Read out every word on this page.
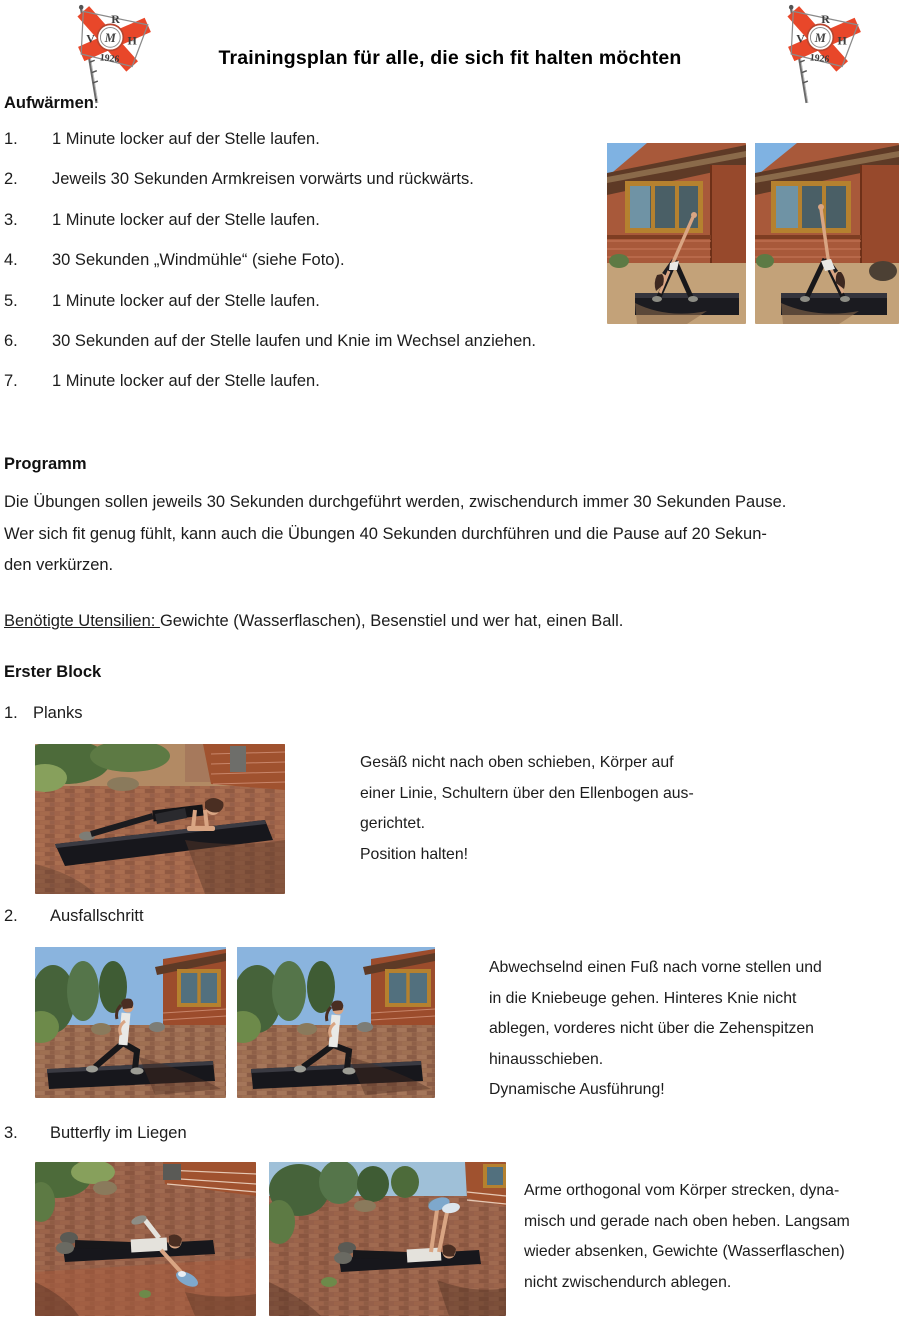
M
R
V	H
1926
M
R
V	H
1926
Trainingsplan für alle, die sich fit halten möchten
Aufwärmen:
1.	1 Minute locker auf der Stelle laufen.
2.	Jeweils 30 Sekunden Armkreisen vorwärts und rückwärts.
3.	1 Minute locker auf der Stelle laufen.
4.	30 Sekunden „Windmühle“ (siehe Foto).
5.	1 Minute locker auf der Stelle laufen.
6.	30 Sekunden auf der Stelle laufen und Knie im Wechsel anziehen.
7.	1 Minute locker auf der Stelle laufen.
Programm
Die Übungen sollen jeweils 30 Sekunden durchgeführt werden, zwischendurch immer 30 Sekunden Pause.
Wer sich fit genug fühlt, kann auch die Übungen 40 Sekunden durchführen und die Pause auf 20 Sekun-
den verkürzen.
Benötigte Utensilien: Gewichte (Wasserflaschen), Besenstiel und wer hat, einen Ball.
Erster Block
1. Planks
Gesäß nicht nach oben schieben, Körper auf
einer Linie, Schultern über den Ellenbogen aus-
gerichtet.
Position halten!
2.	Ausfallschritt
Abwechselnd einen Fuß nach vorne stellen und
in die Kniebeuge gehen. Hinteres Knie nicht
ablegen, vorderes nicht über die Zehenspitzen
hinausschieben.
Dynamische Ausführung!
3.	Butterfly im Liegen
Arme orthogonal vom Körper strecken, dyna-
misch und gerade nach oben heben. Langsam
wieder absenken, Gewichte (Wasserflaschen)
nicht zwischendurch ablegen.
